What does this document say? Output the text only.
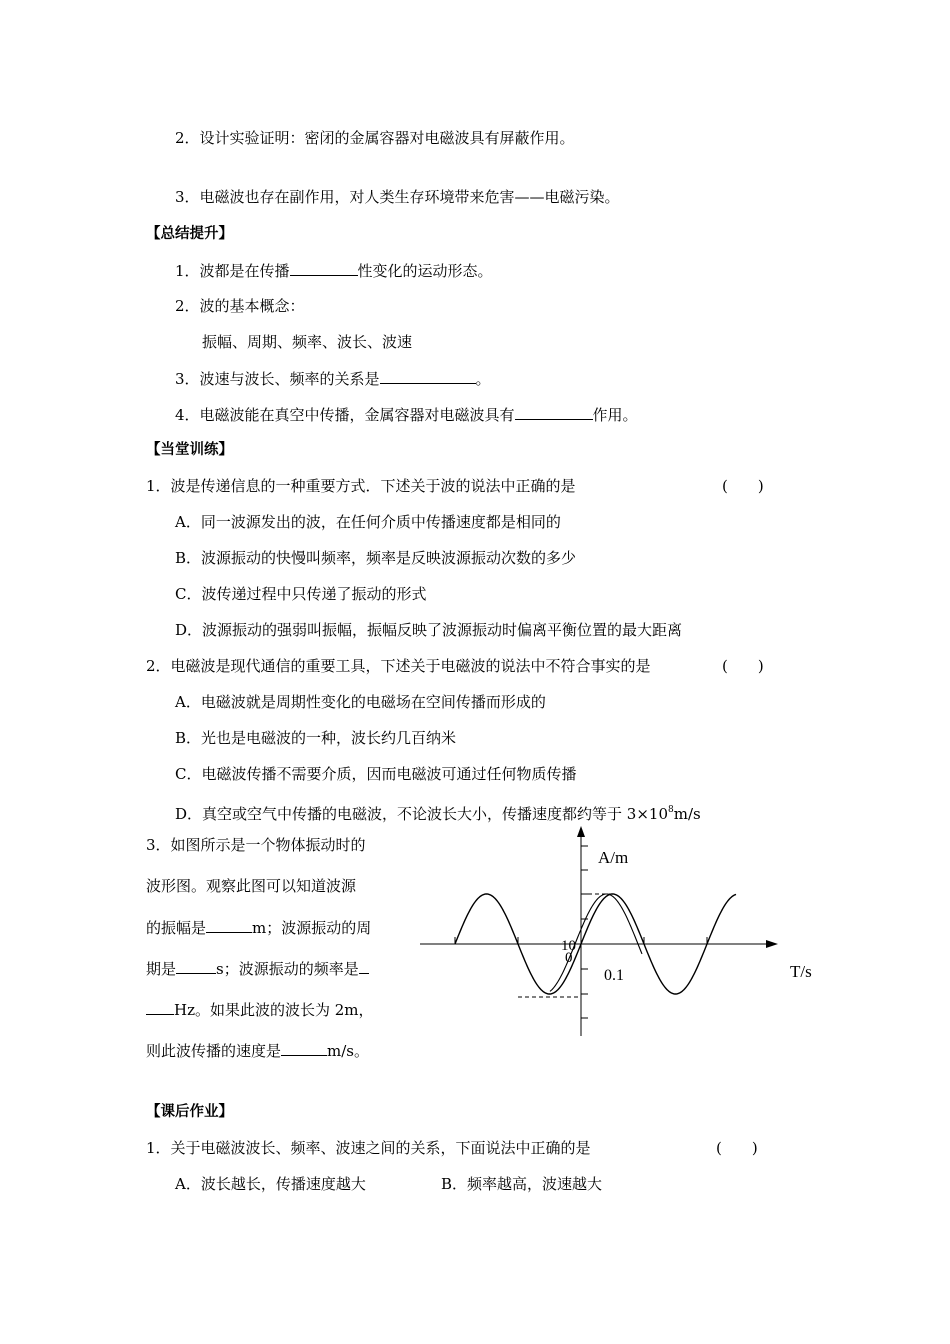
2．设计实验证明：密闭的金属容器对电磁波具有屏蔽作用。
3．电磁波也存在副作用，对人类生存环境带来危害——电磁污染。
【总结提升】
1．波都是在传播	性变化的运动形态。
2．波的基本概念：
振幅、周期、频率、波长、波速
3．波速与波长、频率的关系是	。
4．电磁波能在真空中传播，金属容器对电磁波具有	作用。
【当堂训练】
1．波是传递信息的一种重要方式．下述关于波的说法中正确的是	(　　)
A．同一波源发出的波，在任何介质中传播速度都是相同的
B．波源振动的快慢叫频率，频率是反映波源振动次数的多少
C．波传递过程中只传递了振动的形式
D．波源振动的强弱叫振幅，振幅反映了波源振动时偏离平衡位置的最大距离
2．电磁波是现代通信的重要工具，下述关于电磁波的说法中不符合事实的是	(　　)
A．电磁波就是周期性变化的电磁场在空间传播而形成的
B．光也是电磁波的一种，波长约几百纳米
C．电磁波传播不需要介质，因而电磁波可通过任何物质传播
D．真空或空气中传播的电磁波，不论波长大小，传播速度都约等于 $3\times 10^8m/s$
3．如图所示是一个物体振动时的
波形图。观察此图可以知道波源
的振幅是	m；波源振动的周
期是	s；波源振动的频率是
Hz。如果此波的波长为 2m，
则此波传播的速度是	m/s。
A/m
T/s
10
0
0.1
【课后作业】
1．关于电磁波波长、频率、波速之间的关系，下面说法中正确的是	(　　)
A．波长越长，传播速度越大	B．频率越高，波速越大
